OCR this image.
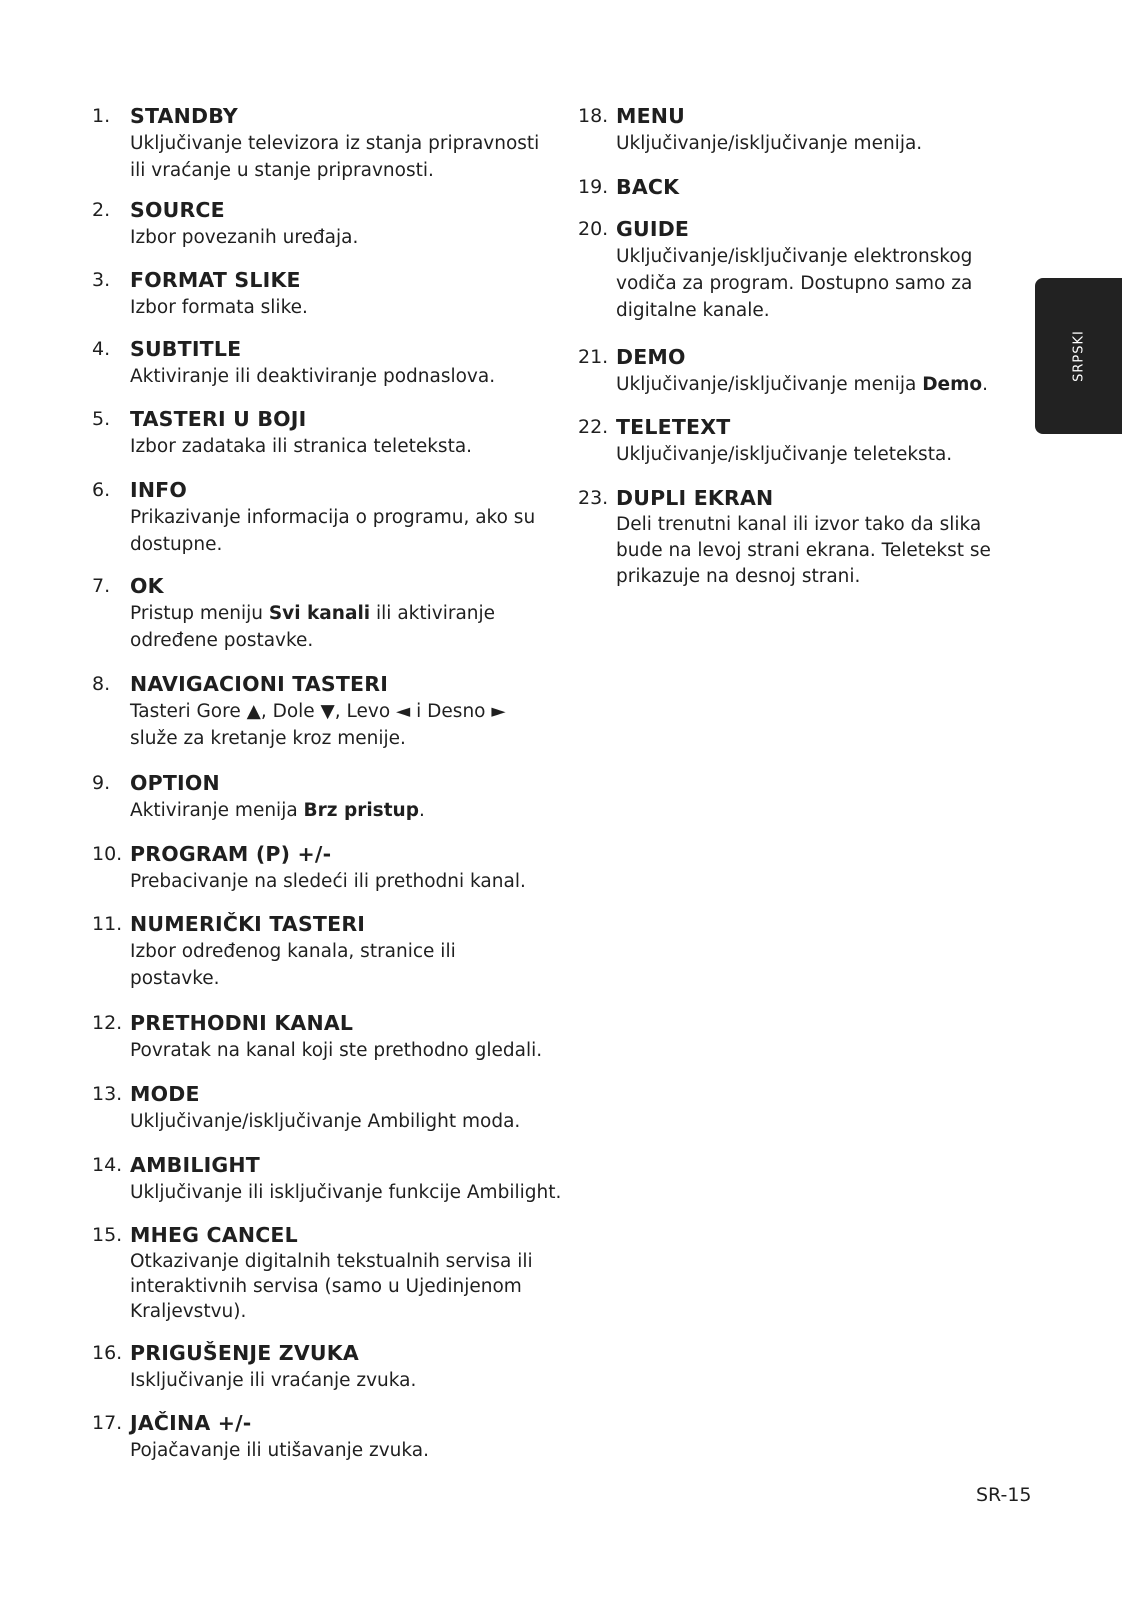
1. STANDBY
Uključivanje televizora iz stanja pripravnosti
ili vraćanje u stanje pripravnosti.
2. SOURCE
Izbor povezanih uređaja.
3. FORMAT SLIKE
Izbor formata slike.
4. SUBTITLE
Aktiviranje ili deaktiviranje podnaslova.
5. TASTERI U BOJI
Izbor zadataka ili stranica teleteksta.
6. INFO
Prikazivanje informacija o programu, ako su
dostupne.
7. OK
Pristup meniju Svi kanali ili aktiviranje
određene postavke.
8. NAVIGACIONI TASTERI
Tasteri Gore ▲, Dole ▼, Levo ◄ i Desno ►
služe za kretanje kroz menije.
9. OPTION
Aktiviranje menija Brz pristup.
10. PROGRAM (P) +/-
Prebacivanje na sledeći ili prethodni kanal.
11. NUMERIČKI TASTERI
Izbor određenog kanala, stranice ili
postavke.
12. PRETHODNI KANAL
Povratak na kanal koji ste prethodno gledali.
13. MODE
Uključivanje/isključivanje Ambilight moda.
14. AMBILIGHT
Uključivanje ili isključivanje funkcije Ambilight.
15. MHEG CANCEL
Otkazivanje digitalnih tekstualnih servisa ili
interaktivnih servisa (samo u Ujedinjenom
Kraljevstvu).
16. PRIGUŠENJE ZVUKA
Isključivanje ili vraćanje zvuka.
17. JAČINA +/-
Pojačavanje ili utišavanje zvuka.
18. MENU
Uključivanje/isključivanje menija.
19. BACK
20. GUIDE
Uključivanje/isključivanje elektronskog
vodiča za program. Dostupno samo za
digitalne kanale.
21. DEMO
Uključivanje/isključivanje menija Demo.
22. TELETEXT
Uključivanje/isključivanje teleteksta.
23. DUPLI EKRAN
Deli trenutni kanal ili izvor tako da slika
bude na levoj strani ekrana. Teletekst se
prikazuje na desnoj strani.
SRPSKI
SR-15
